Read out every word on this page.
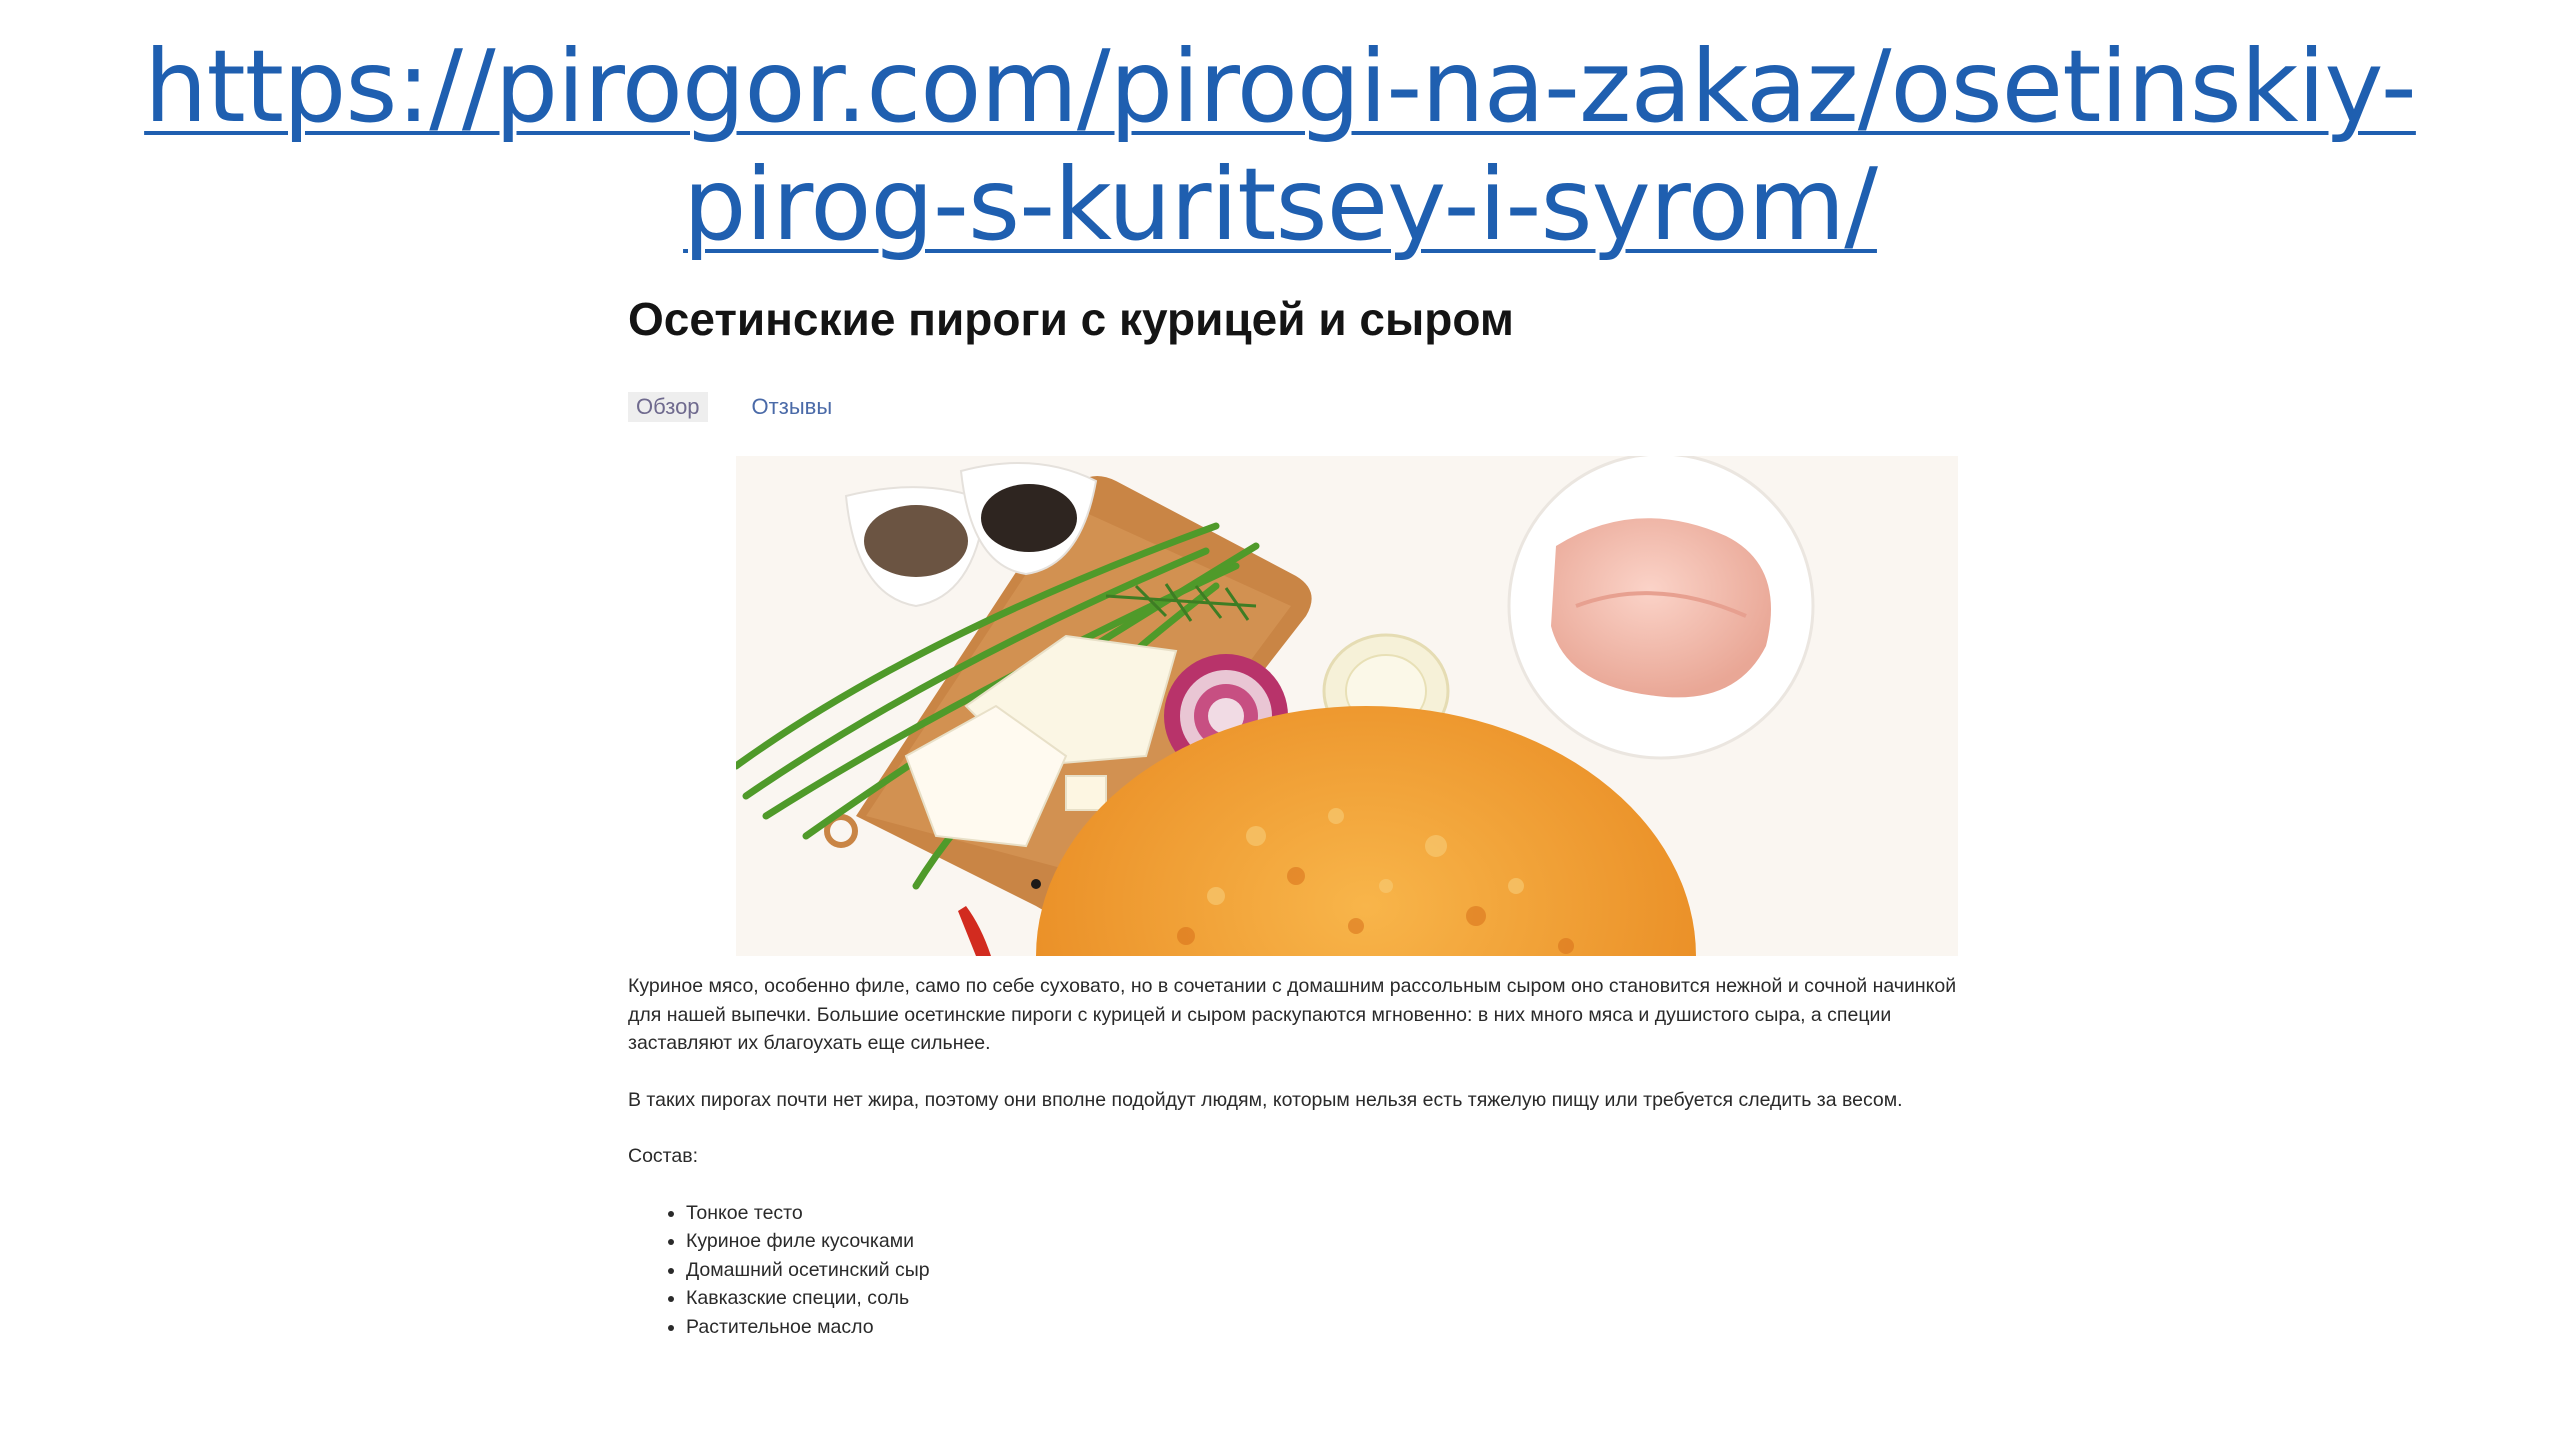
https://pirogor.com/pirogi-na-zakaz/osetinskiy-
pirog-s-kuritsey-i-syrom/
Осетинские пироги с курицей и сыром
Обзор	Отзывы

Куриное мясо, особенно филе, само по себе суховато, но в сочетании с домашним рассольным сыром оно становится нежной и сочной начинкой для нашей выпечки. Большие осетинские пироги с курицей и сыром раскупаются мгновенно: в них много мяса и душистого сыра, а специи заставляют их благоухать еще сильнее.

В таких пирогах почти нет жира, поэтому они вполне подойдут людям, которым нельзя есть тяжелую пищу или требуется следить за весом.

Состав:

• Тонкое тесто
• Куриное филе кусочками
• Домашний осетинский сыр
• Кавказские специи, соль
• Растительное масло
